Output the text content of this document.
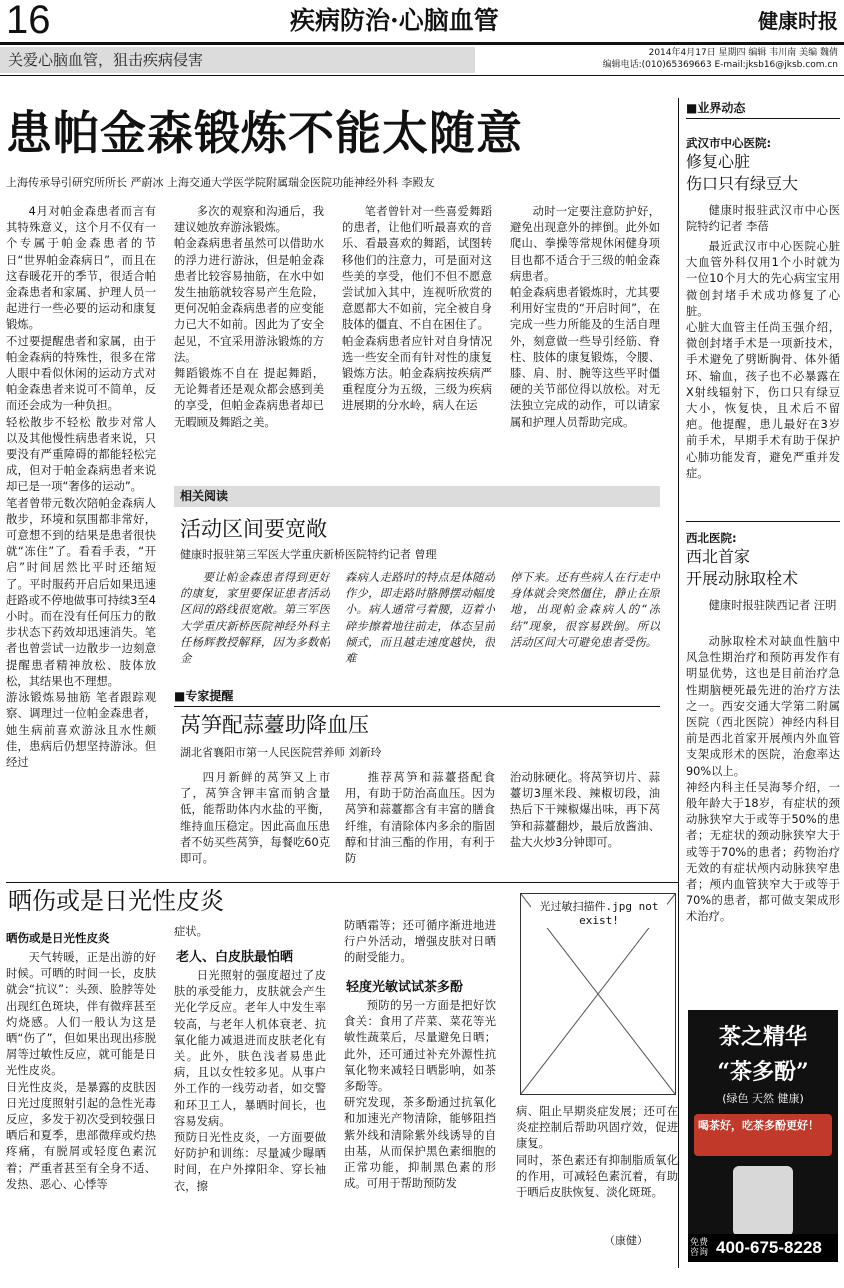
16	疾病防治·心脑血管	健康时报
关爱心脑血管，狙击疾病侵害	2014年4月17日 星期四 编辑 韦川南 美编 魏倩
编辑电话:(010)65369663 E-mail:jksb16@jksb.com.cn
患帕金森锻炼不能太随意
上海传承导引研究所所长 严蔚冰 上海交通大学医学院附属瑞金医院功能神经外科 李殿友
4月对帕金森患者而言有其特殊意义，这个月不仅有一个专属于帕金森患者的节日“世界帕金森病日”，而且在这春暖花开的季节，很适合帕金森患者和家属、护理人员一起进行一些必要的运动和康复锻炼。
不过要提醒患者和家属，由于帕金森病的特殊性，很多在常人眼中看似休闲的运动方式对帕金森患者来说可不简单，反而还会成为一种负担。
轻松散步不轻松 散步对常人以及其他慢性病患者来说，只要没有严重障碍的都能轻松完成，但对于帕金森病患者来说却已是一项“奢侈的运动”。
笔者曾带元数次陪帕金森病人散步，环境和氛围都非常好，可意想不到的结果是患者很快就“冻住”了。看看手表，“开启”时间居然比平时还缩短了。平时服药开启后如果迅速赶路或不停地做事可持续3至4小时。而在没有任何压力的散步状态下药效却迅速消失。笔者也曾尝试一边散步一边刻意提醒患者精神放松、肢体放松，其结果也不理想。
游泳锻炼易抽筋 笔者跟踪观察、调理过一位帕金森患者，她生病前喜欢游泳且水性颇佳，患病后仍想坚持游泳。但经过
多次的观察和沟通后，我建议她放弃游泳锻炼。
帕金森病患者虽然可以借助水的浮力进行游泳，但是帕金森患者比较容易抽筋，在水中如发生抽筋就较容易产生危险，更何况帕金森病患者的应变能力已大不如前。因此为了安全起见，不宜采用游泳锻炼的方法。
舞蹈锻炼不自在 提起舞蹈，无论舞者还是观众都会感到美的享受，但帕金森病患者却已无暇顾及舞蹈之美。
笔者曾针对一些喜爱舞蹈的患者，让他们听最喜欢的音乐、看最喜欢的舞蹈，试图转移他们的注意力，可是面对这些美的享受，他们不但不愿意尝试加入其中，连视听欣赏的意愿都大不如前，完全被自身肢体的僵直、不自在困住了。
帕金森病患者应针对自身情况选一些安全而有针对性的康复锻炼方法。帕金森病按疾病严重程度分为五级，三级为疾病进展期的分水岭，病人在运
动时一定要注意防护好，避免出现意外的摔倒。此外如爬山、拳操等常规休闲健身项目也都不适合于三级的帕金森病患者。
帕金森病患者锻炼时，尤其要利用好宝贵的“开启时间”，在完成一些力所能及的生活自理外，刻意做一些导引经筋、脊柱、肢体的康复锻炼，令腰、膝、肩、肘、腕等这些平时僵硬的关节部位得以放松。对无法独立完成的动作，可以请家属和护理人员帮助完成。
相关阅读
活动区间要宽敞
健康时报驻第三军医大学重庆新桥医院特约记者 曾理
要让帕金森患者得到更好的康复，家里要保证患者活动区间的路线很宽敞。第三军医大学重庆新桥医院神经外科主任杨辉教授解释，因为多数帕金
森病人走路时的特点是体随动作少，即走路时胳膊摆动幅度小。病人通常弓着腰，迈着小碎步擦着地往前走，体态呈前倾式，而且越走速度越快，很难
停下来。还有些病人在行走中身体就会突然僵住，静止在原地，出现帕金森病人的“冻结”现象，很容易跌倒。所以活动区间大可避免患者受伤。
■专家提醒
莴笋配蒜薹助降血压
湖北省襄阳市第一人民医院营养师 刘新玲
四月新鲜的莴笋又上市了，莴笋含钾丰富而钠含量低，能帮助体内水盐的平衡，维持血压稳定。因此高血压患者不妨买些莴笋，每餐吃60克即可。
推荐莴笋和蒜薹搭配食用，有助于防治高血压。因为莴笋和蒜薹都含有丰富的膳食纤维，有清除体内多余的脂固醇和甘油三酯的作用，有利于防
治动脉硬化。将莴笋切片、蒜薹切3厘米段、辣椒切段，油热后下干辣椒爆出味，再下莴笋和蒜薹翻炒，最后放酱油、盐大火炒3分钟即可。
晒伤或是日光性皮炎
晒伤或是日光性皮炎
天气转暖，正是出游的好时候。可晒的时间一长，皮肤就会“抗议”：头颈、脸脖等处出现红色斑块，伴有微痒甚至灼烧感。人们一般认为这是晒“伤了”，但如果出现出疹脱屑等过敏性反应，就可能是日光性皮炎。
日光性皮炎，是暴露的皮肤因日光过度照射引起的急性光毒反应，多发于初次受到较强日晒后和夏季，患部微痒或灼热疼痛，有脱屑或轻度色素沉着；严重者甚至有全身不适、发热、恶心、心悸等
症状。
老人、白皮肤最怕晒
日光照射的强度超过了皮肤的承受能力，皮肤就会产生光化学反应。老年人中发生率较高，与老年人机体衰老、抗氧化能力减退进而皮肤老化有关。此外，肤色浅者易患此病，且以女性较多见。从事户外工作的一线劳动者，如交警和环卫工人，暴晒时间长，也容易发病。
预防日光性皮炎，一方面要做好防护和训练：尽量减少曝晒时间，在户外撑阳伞、穿长袖衣，擦
防晒霜等；还可循序渐进地进行户外活动，增强皮肤对日晒的耐受能力。
轻度光敏试试茶多酚
预防的另一方面是把好饮食关：食用了芹菜、菜花等光敏性蔬菜后，尽量避免日晒；此外，还可通过补充外源性抗氧化物来减轻日晒影响，如茶多酚等。
研究发现，茶多酚通过抗氧化和加速光产物清除，能够阻挡紫外线和清除紫外线诱导的自由基，从而保护黑色素细胞的正常功能，抑制黑色素的形成。可用于帮助预防发
光过敏扫描件.jpg not exist!
病、阻止早期炎症发展；还可在炎症控制后帮助巩固疗效，促进康复。
同时，茶色素还有抑制脂质氧化的作用，可减轻色素沉着，有助于晒后皮肤恢复、淡化斑斑。
（康健）
■业界动态
武汉市中心医院:
修复心脏
伤口只有绿豆大
健康时报驻武汉市中心医院特约记者 李蓓
最近武汉市中心医院心脏大血管外科仅用1个小时就为一位10个月大的先心病宝宝用微创封堵手术成功修复了心脏。
心脏大血管主任尚玉强介绍，微创封堵手术是一项新技术，手术避免了劈断胸骨、体外循环、输血，孩子也不必暴露在X射线辐射下，伤口只有绿豆大小，恢复快，且术后不留疤。他提醒，患儿最好在3岁前手术，早期手术有助于保护心肺功能发育，避免严重并发症。
西北医院:
西北首家
开展动脉取栓术
健康时报驻陕西记者 汪明
动脉取栓术对缺血性脑中风急性期治疗和预防再发作有明显优势，这也是目前治疗急性期脑梗死最先进的治疗方法之一。西安交通大学第二附属医院（西北医院）神经内科目前是西北首家开展颅内外血管支架成形术的医院，治愈率达90%以上。
神经内科主任吴海琴介绍，一般年龄大于18岁，有症状的颈动脉狭窄大于或等于50%的患者；无症状的颈动脉狭窄大于或等于70%的患者；药物治疗无效的有症状颅内动脉狭窄患者；颅内血管狭窄大于或等于70%的患者，都可做支架成形术治疗。
茶之精华
“茶多酚”
(绿色 天然 健康)
喝茶好，吃茶多酚更好！
免费 咨询 400-675-8228
